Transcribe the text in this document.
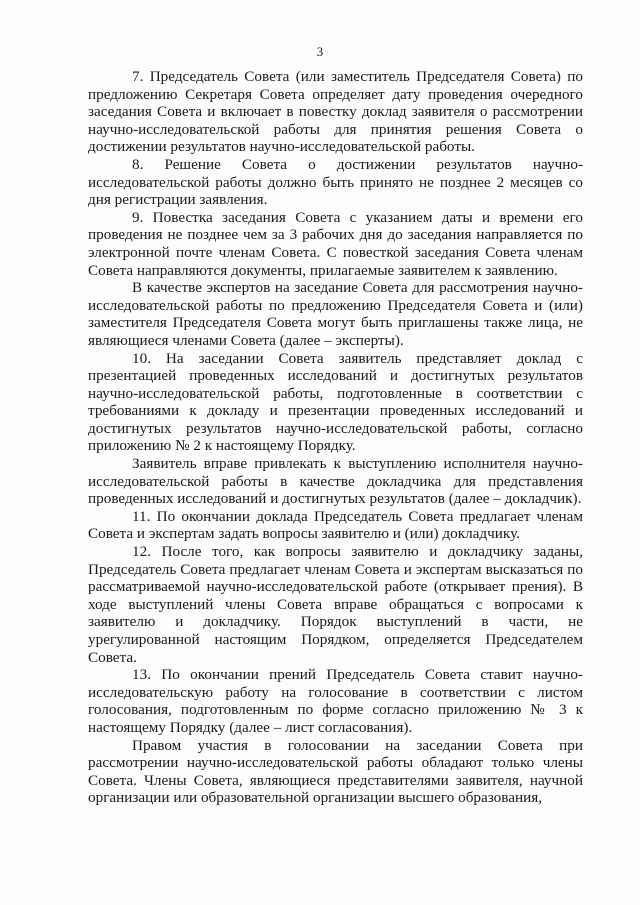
3

7. Председатель Совета (или заместитель Председателя Совета) по предложению Секретаря Совета определяет дату проведения очередного заседания Совета и включает в повестку доклад заявителя о рассмотрении научно-исследовательской работы для принятия решения Совета о достижении результатов научно-исследовательской работы.

8. Решение Совета о достижении результатов научно-исследовательской работы должно быть принято не позднее 2 месяцев со дня регистрации заявления.

9. Повестка заседания Совета с указанием даты и времени его проведения не позднее чем за 3 рабочих дня до заседания направляется по электронной почте членам Совета. С повесткой заседания Совета членам Совета направляются документы, прилагаемые заявителем к заявлению.

В качестве экспертов на заседание Совета для рассмотрения научно-исследовательской работы по предложению Председателя Совета и (или) заместителя Председателя Совета могут быть приглашены также лица, не являющиеся членами Совета (далее – эксперты).

10. На заседании Совета заявитель представляет доклад с презентацией проведенных исследований и достигнутых результатов научно-исследовательской работы, подготовленные в соответствии с требованиями к докладу и презентации проведенных исследований и достигнутых результатов научно-исследовательской работы, согласно приложению № 2 к настоящему Порядку.

Заявитель вправе привлекать к выступлению исполнителя научно-исследовательской работы в качестве докладчика для представления проведенных исследований и достигнутых результатов (далее – докладчик).

11. По окончании доклада Председатель Совета предлагает членам Совета и экспертам задать вопросы заявителю и (или) докладчику.

12. После того, как вопросы заявителю и докладчику заданы, Председатель Совета предлагает членам Совета и экспертам высказаться по рассматриваемой научно-исследовательской работе (открывает прения). В ходе выступлений члены Совета вправе обращаться с вопросами к заявителю и докладчику. Порядок выступлений в части, не урегулированной настоящим Порядком, определяется Председателем Совета.

13. По окончании прений Председатель Совета ставит научно-исследовательскую работу на голосование в соответствии с листом голосования, подготовленным по форме согласно приложению № 3 к настоящему Порядку (далее – лист согласования).

Правом участия в голосовании на заседании Совета при рассмотрении научно-исследовательской работы обладают только члены Совета. Члены Совета, являющиеся представителями заявителя, научной организации или образовательной организации высшего образования,
